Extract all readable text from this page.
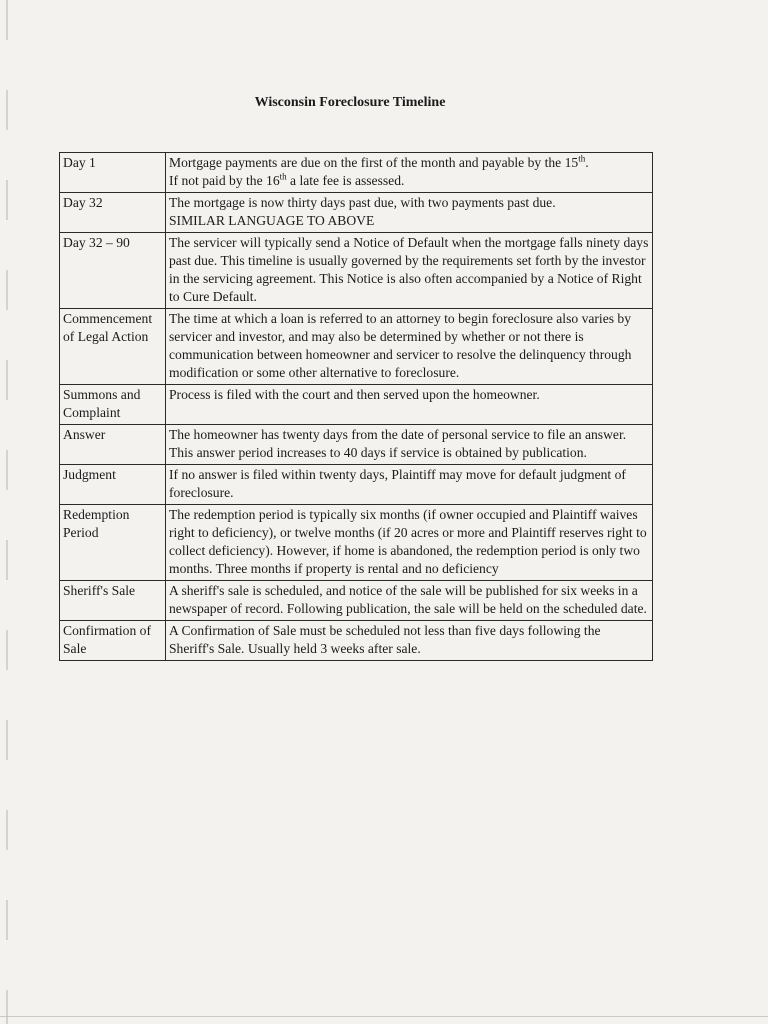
Wisconsin Foreclosure Timeline
Day 1	Mortgage payments are due on the first of the month and payable by the 15th.
If not paid by the 16th a late fee is assessed.

Day 32	The mortgage is now thirty days past due, with two payments past due.
SIMILAR LANGUAGE TO ABOVE

Day 32 – 90	The servicer will typically send a Notice of Default when the mortgage falls ninety days past due. This timeline is usually governed by the requirements set forth by the investor in the servicing agreement. This Notice is also often accompanied by a Notice of Right to Cure Default.

Commencement of Legal Action	The time at which a loan is referred to an attorney to begin foreclosure also varies by servicer and investor, and may also be determined by whether or not there is communication between homeowner and servicer to resolve the delinquency through modification or some other alternative to foreclosure.

Summons and Complaint	Process is filed with the court and then served upon the homeowner.

Answer	The homeowner has twenty days from the date of personal service to file an answer. This answer period increases to 40 days if service is obtained by publication.

Judgment	If no answer is filed within twenty days, Plaintiff may move for default judgment of foreclosure.

Redemption Period	The redemption period is typically six months (if owner occupied and Plaintiff waives right to deficiency), or twelve months (if 20 acres or more and Plaintiff reserves right to collect deficiency). However, if home is abandoned, the redemption period is only two months. Three months if property is rental and no deficiency

Sheriff's Sale	A sheriff's sale is scheduled, and notice of the sale will be published for six weeks in a newspaper of record. Following publication, the sale will be held on the scheduled date.

Confirmation of Sale	A Confirmation of Sale must be scheduled not less than five days following the Sheriff's Sale. Usually held 3 weeks after sale.
